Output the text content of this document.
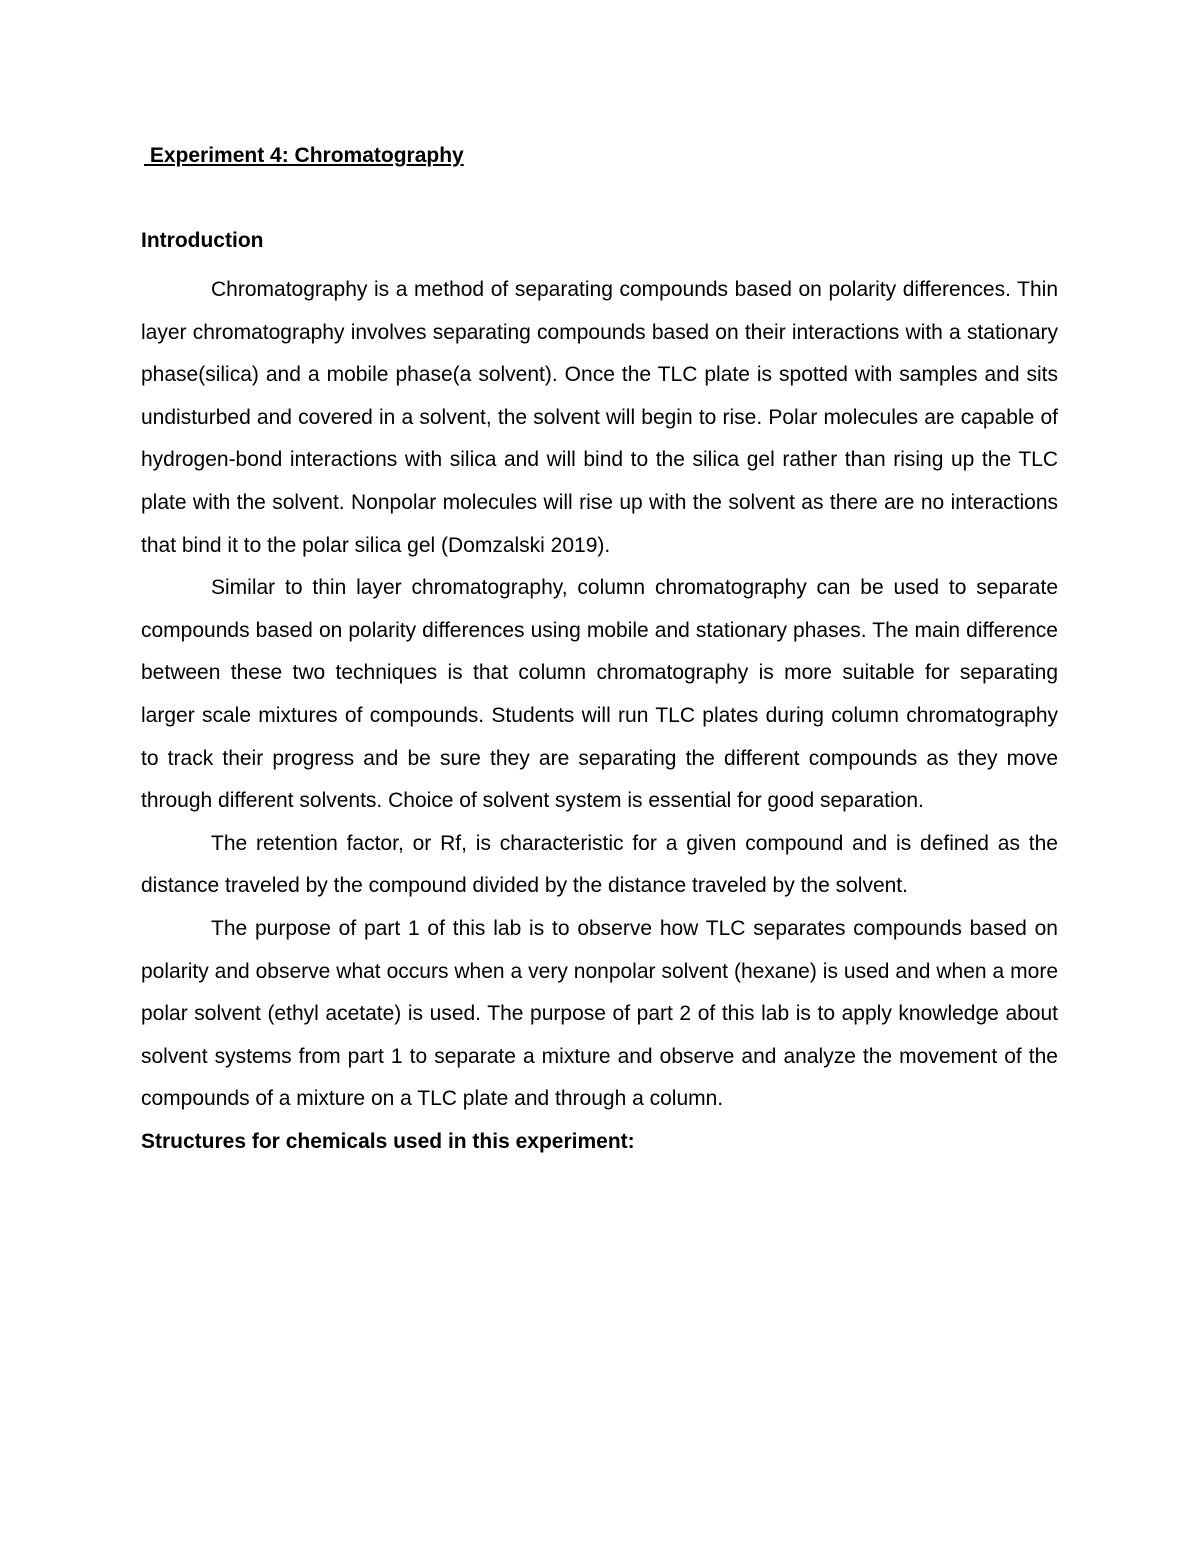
Experiment 4: Chromatography
Introduction

Chromatography is a method of separating compounds based on polarity differences. Thin layer chromatography involves separating compounds based on their interactions with a stationary phase(silica) and a mobile phase(a solvent). Once the TLC plate is spotted with samples and sits undisturbed and covered in a solvent, the solvent will begin to rise. Polar molecules are capable of hydrogen-bond interactions with silica and will bind to the silica gel rather than rising up the TLC plate with the solvent. Nonpolar molecules will rise up with the solvent as there are no interactions that bind it to the polar silica gel (Domzalski 2019).

Similar to thin layer chromatography, column chromatography can be used to separate compounds based on polarity differences using mobile and stationary phases. The main difference between these two techniques is that column chromatography is more suitable for separating larger scale mixtures of compounds. Students will run TLC plates during column chromatography to track their progress and be sure they are separating the different compounds as they move through different solvents. Choice of solvent system is essential for good separation.

The retention factor, or Rf, is characteristic for a given compound and is defined as the distance traveled by the compound divided by the distance traveled by the solvent.

The purpose of part 1 of this lab is to observe how TLC separates compounds based on polarity and observe what occurs when a very nonpolar solvent (hexane) is used and when a more polar solvent (ethyl acetate) is used. The purpose of part 2 of this lab is to apply knowledge about solvent systems from part 1 to separate a mixture and observe and analyze the movement of the compounds of a mixture on a TLC plate and through a column.

Structures for chemicals used in this experiment:
